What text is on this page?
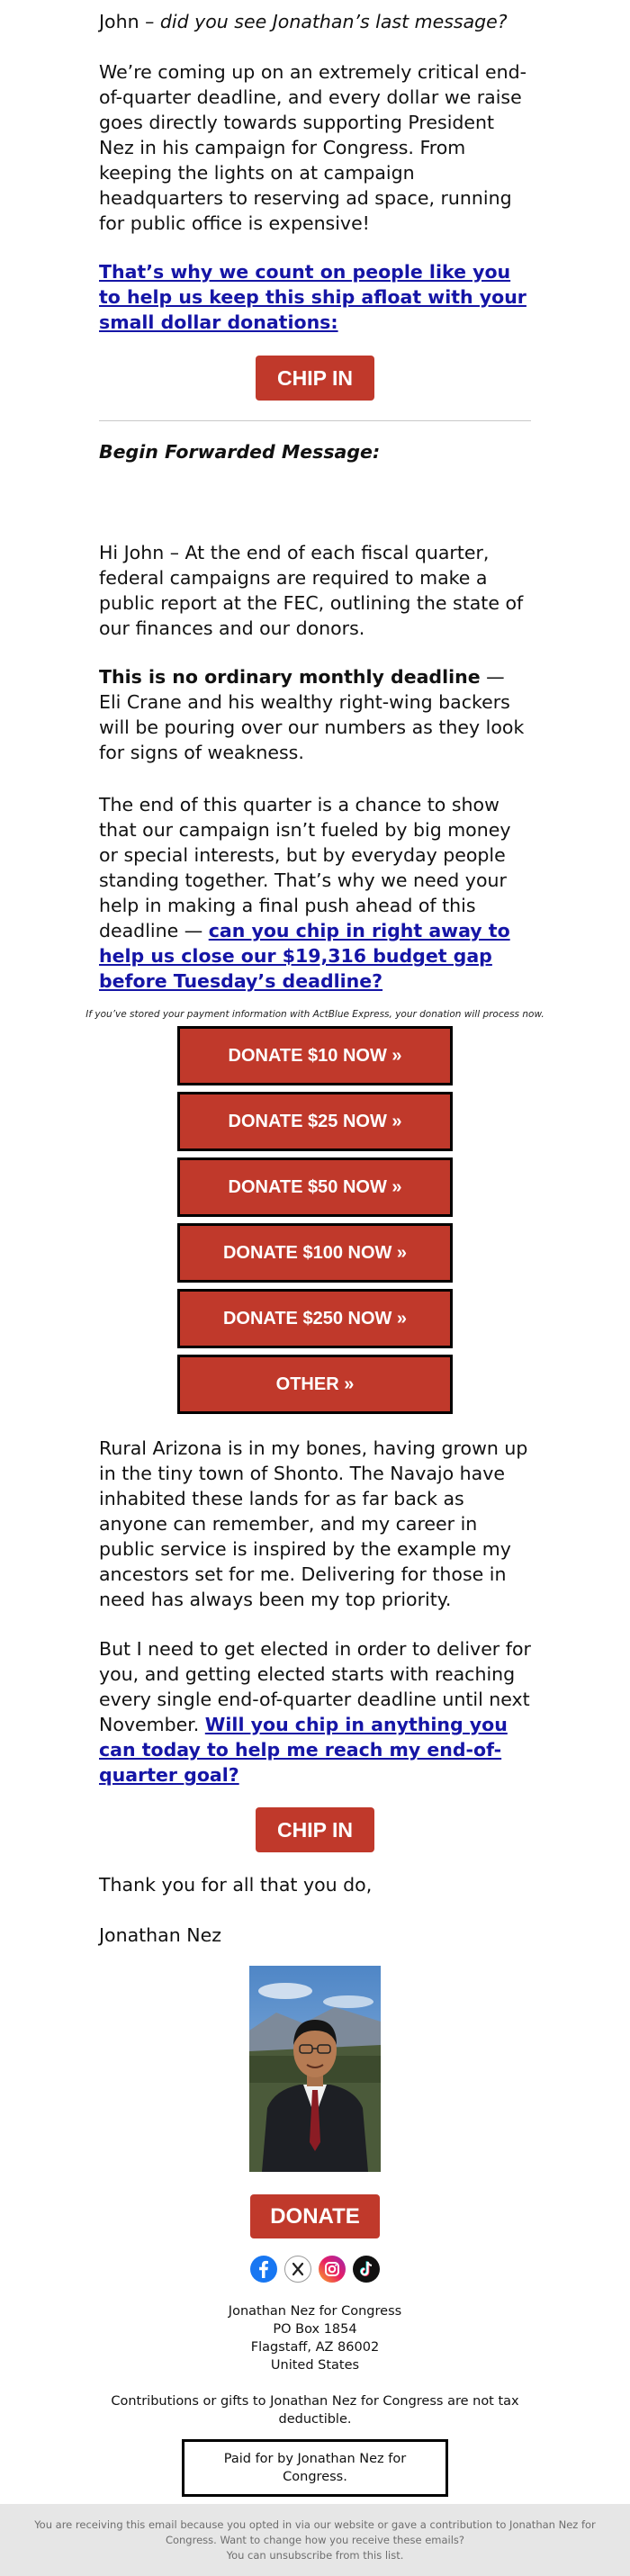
John – did you see Jonathan’s last message?

We’re coming up on an extremely critical end-of-quarter deadline, and every dollar we raise goes directly towards supporting President Nez in his campaign for Congress. From keeping the lights on at campaign headquarters to reserving ad space, running for public office is expensive!

That’s why we count on people like you to help us keep this ship afloat with your small dollar donations:

CHIP IN

Begin Forwarded Message:

Hi John – At the end of each fiscal quarter, federal campaigns are required to make a public report at the FEC, outlining the state of our finances and our donors.

This is no ordinary monthly deadline — Eli Crane and his wealthy right-wing backers will be pouring over our numbers as they look for signs of weakness.

The end of this quarter is a chance to show that our campaign isn’t fueled by big money or special interests, but by everyday people standing together. That’s why we need your help in making a final push ahead of this deadline — can you chip in right away to help us close our $19,316 budget gap before Tuesday’s deadline?

If you’ve stored your payment information with ActBlue Express, your donation will process now.
DONATE $10 NOW »
DONATE $25 NOW »
DONATE $50 NOW »
DONATE $100 NOW »
DONATE $250 NOW »
OTHER »

Rural Arizona is in my bones, having grown up in the tiny town of Shonto. The Navajo have inhabited these lands for as far back as anyone can remember, and my career in public service is inspired by the example my ancestors set for me. Delivering for those in need has always been my top priority.

But I need to get elected in order to deliver for you, and getting elected starts with reaching every single end-of-quarter deadline until next November. Will you chip in anything you can today to help me reach my end-of-quarter goal?

CHIP IN

Thank you for all that you do,

Jonathan Nez

DONATE
Jonathan Nez for Congress
PO Box 1854
Flagstaff, AZ 86002
United States
Contributions or gifts to Jonathan Nez for Congress are not tax deductible.
Paid for by Jonathan Nez for Congress.
You are receiving this email because you opted in via our website or gave a contribution to Jonathan Nez for Congress. Want to change how you receive these emails?
You can unsubscribe from this list.
